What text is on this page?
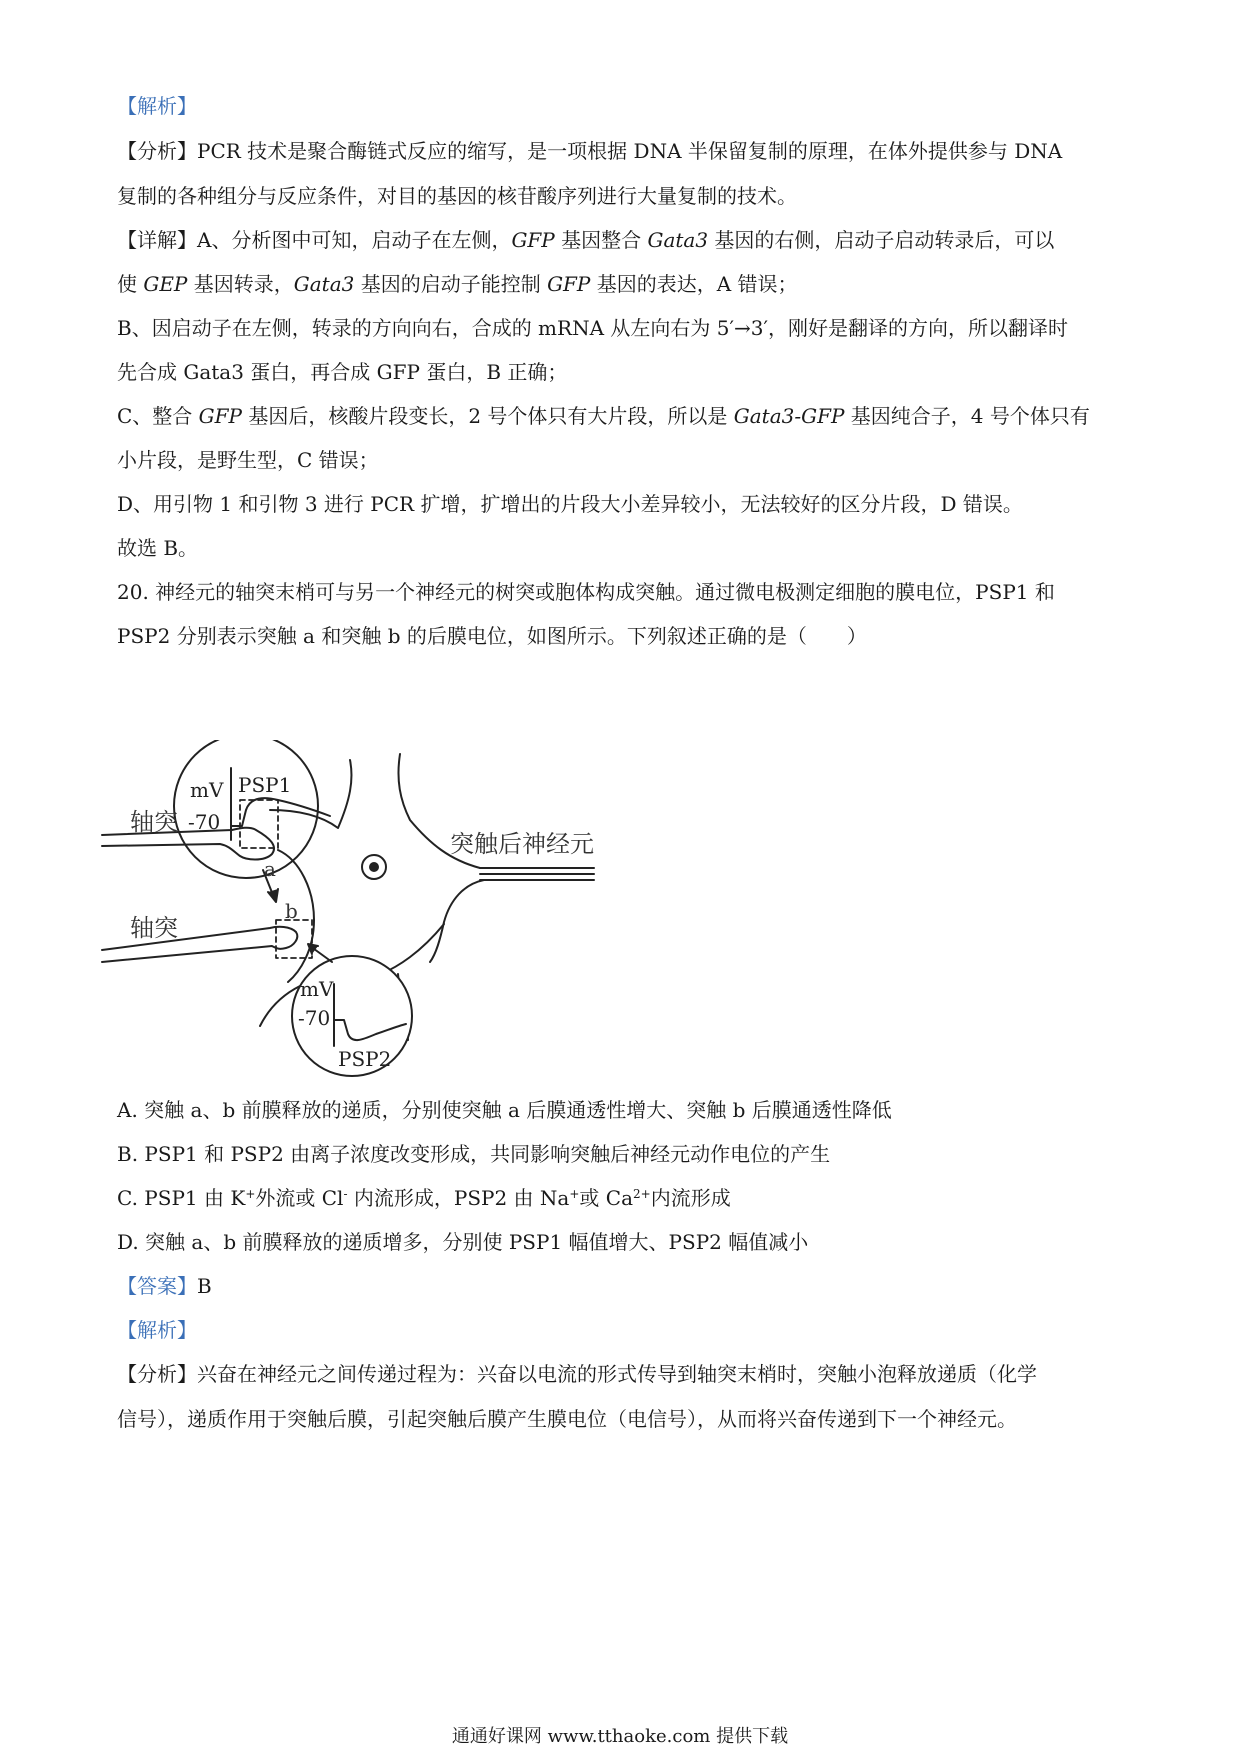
【解析】
【分析】PCR 技术是聚合酶链式反应的缩写，是一项根据 DNA 半保留复制的原理，在体外提供参与 DNA
复制的各种组分与反应条件，对目的基因的核苷酸序列进行大量复制的技术。
【详解】A、分析图中可知，启动子在左侧，GFP 基因整合 Gata3 基因的右侧，启动子启动转录后，可以
使 GEP 基因转录，Gata3 基因的启动子能控制 GFP 基因的表达，A 错误；
B、因启动子在左侧，转录的方向向右，合成的 mRNA 从左向右为 5′→3′，刚好是翻译的方向，所以翻译时
先合成 Gata3 蛋白，再合成 GFP 蛋白，B 正确；
C、整合 GFP 基因后，核酸片段变长，2 号个体只有大片段，所以是 Gata3-GFP 基因纯合子，4 号个体只有
小片段，是野生型，C 错误；
D、用引物 1 和引物 3 进行 PCR 扩增，扩增出的片段大小差异较小，无法较好的区分片段，D 错误。
故选 B。
20. 神经元的轴突末梢可与另一个神经元的树突或胞体构成突触。通过微电极测定细胞的膜电位，PSP1 和
PSP2 分别表示突触 a 和突触 b 的后膜电位，如图所示。下列叙述正确的是（　　）
mV PSP1
-70
mV
PSP2
-70
轴突
轴突
a
b
突触后神经元
A. 突触 a、b 前膜释放的递质，分别使突触 a 后膜通透性增大、突触 b 后膜通透性降低
B. PSP1 和 PSP2 由离子浓度改变形成，共同影响突触后神经元动作电位的产生
C. PSP1 由 K+外流或 Cl- 内流形成，PSP2 由 Na+或 $Ca^{2+}$内流形成
D. 突触 a、b 前膜释放的递质增多，分别使 PSP1 幅值增大、PSP2 幅值减小
【答案】B
【解析】
【分析】兴奋在神经元之间传递过程为：兴奋以电流的形式传导到轴突末梢时，突触小泡释放递质（化学
信号），递质作用于突触后膜，引起突触后膜产生膜电位（电信号），从而将兴奋传递到下一个神经元。
通通好课网 www.tthaoke.com 提供下载
